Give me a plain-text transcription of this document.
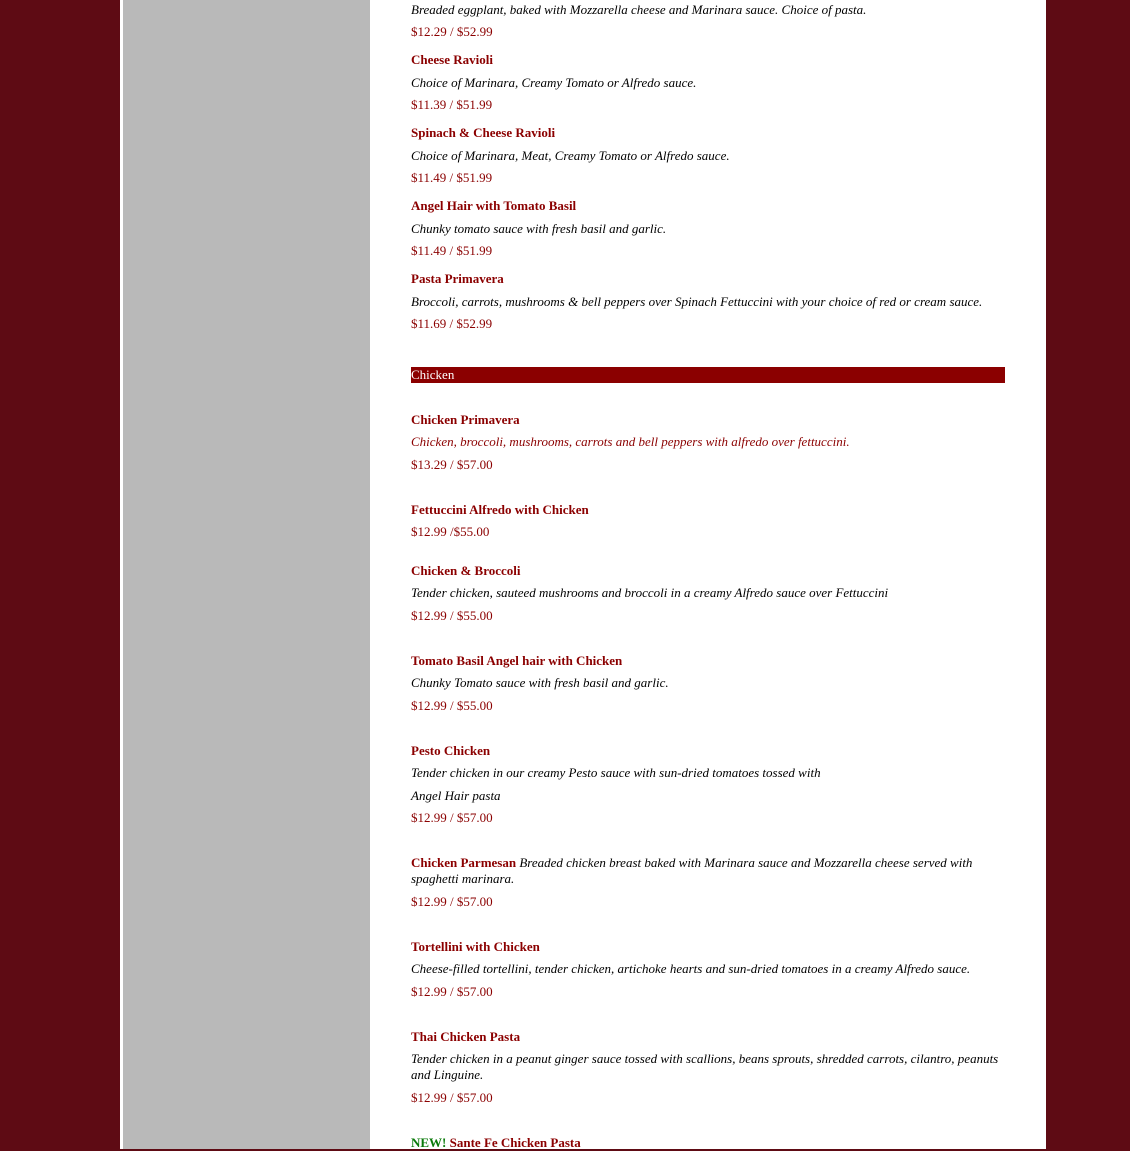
Breaded eggplant, baked with Mozzarella cheese and Marinara sauce. Choice of pasta.
$12.29 / $52.99
Cheese Ravioli
Choice of Marinara, Creamy Tomato or Alfredo sauce.
$11.39 / $51.99
Spinach & Cheese Ravioli
Choice of Marinara, Meat, Creamy Tomato or Alfredo sauce.
$11.49 / $51.99
Angel Hair with Tomato Basil
Chunky tomato sauce with fresh basil and garlic.
$11.49 / $51.99
Pasta Primavera
Broccoli, carrots, mushrooms & bell peppers over Spinach Fettuccini with your choice of red or cream sauce.
$11.69 / $52.99
Chicken
Chicken Primavera
Chicken, broccoli, mushrooms, carrots and bell peppers with alfredo over fettuccini.
$13.29 / $57.00
Fettuccini Alfredo with Chicken
$12.99 /$55.00
Chicken & Broccoli
Tender chicken, sauteed mushrooms and broccoli in a creamy Alfredo sauce over Fettuccini
$12.99 / $55.00
Tomato Basil Angel hair with Chicken
Chunky Tomato sauce with fresh basil and garlic.
$12.99 / $55.00
Pesto Chicken
Tender chicken in our creamy Pesto sauce with sun-dried tomatoes tossed with
Angel Hair pasta
$12.99 / $57.00
Chicken Parmesan Breaded chicken breast baked with Marinara sauce and Mozzarella cheese served with spaghetti marinara.
$12.99 / $57.00
Tortellini with Chicken
Cheese-filled tortellini, tender chicken, artichoke hearts and sun-dried tomatoes in a creamy Alfredo sauce.
$12.99 / $57.00
Thai Chicken Pasta
Tender chicken in a peanut ginger sauce tossed with scallions, beans sprouts, shredded carrots, cilantro, peanuts and Linguine.
$12.99 / $57.00
NEW! Sante Fe Chicken Pasta
